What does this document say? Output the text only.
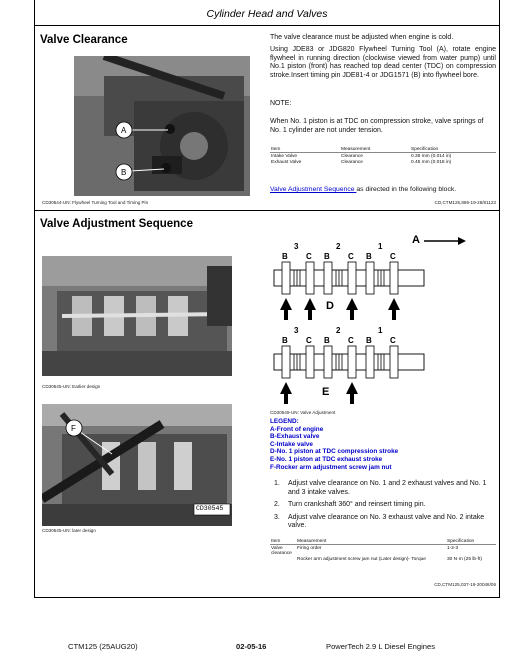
Cylinder Head and Valves
Valve Clearance
A
B
CD30544-UN: Flywheel Turning Tool and Timing Pin
The valve clearance must be adjusted when engine is cold.
Using JDE83 or JDG820 Flywheel Turning Tool (A), rotate engine flywheel in running direction (clockwise viewed from water pump) until No.1 piston (front) has reached top dead center (TDC) on compression stroke.Insert timing pin JDE81-4 or JDG1571 (B) into flywheel bore.
NOTE:
When No. 1 piston is at TDC on compression stroke, valve springs of No. 1 cylinder are not under tension.
Item	Measurement	Specification
Intake Valve	Clearance	0.35 mm (0.014 in)
Exhaust Valve	Clearance	0.45 mm (0.018 in)
Valve Adjustment Sequence as directed in the following block.
CD,CTM125,886-19-28/81123
Valve Adjustment Sequence
CD30545-UN: Earlier design
F
CD30545
CD30545-UN: later design
A
3	2	1
B C B C B C
D
3	2	1
B C B C B C
E
CD30549-UN: Valve Adjustment
LEGEND:
A-Front of engine
B-Exhaust valve
C-Intake valve
D-No. 1 piston at TDC compression stroke
E-No. 1 piston at TDC exhaust stroke
F-Rocker arm adjustment screw jam nut
1. Adjust valve clearance on No. 1 and 2 exhaust valves and No. 1 and 3 intake valves.
2. Turn crankshaft 360° and reinsert timing pin.
3. Adjust valve clearance on No. 3 exhaust valve and No. 2 intake valve.
Item	Measurement	Specification
Valve clearance	Firing order	1-2-3
	Rocker arm adjustment screw jam nut (Later design)- Torque	30 N·m (25 lb-ft)
CD,CTM125,037-19-20048/06
CTM125 (25AUG20)	02-05-16	PowerTech 2.9 L Diesel Engines
